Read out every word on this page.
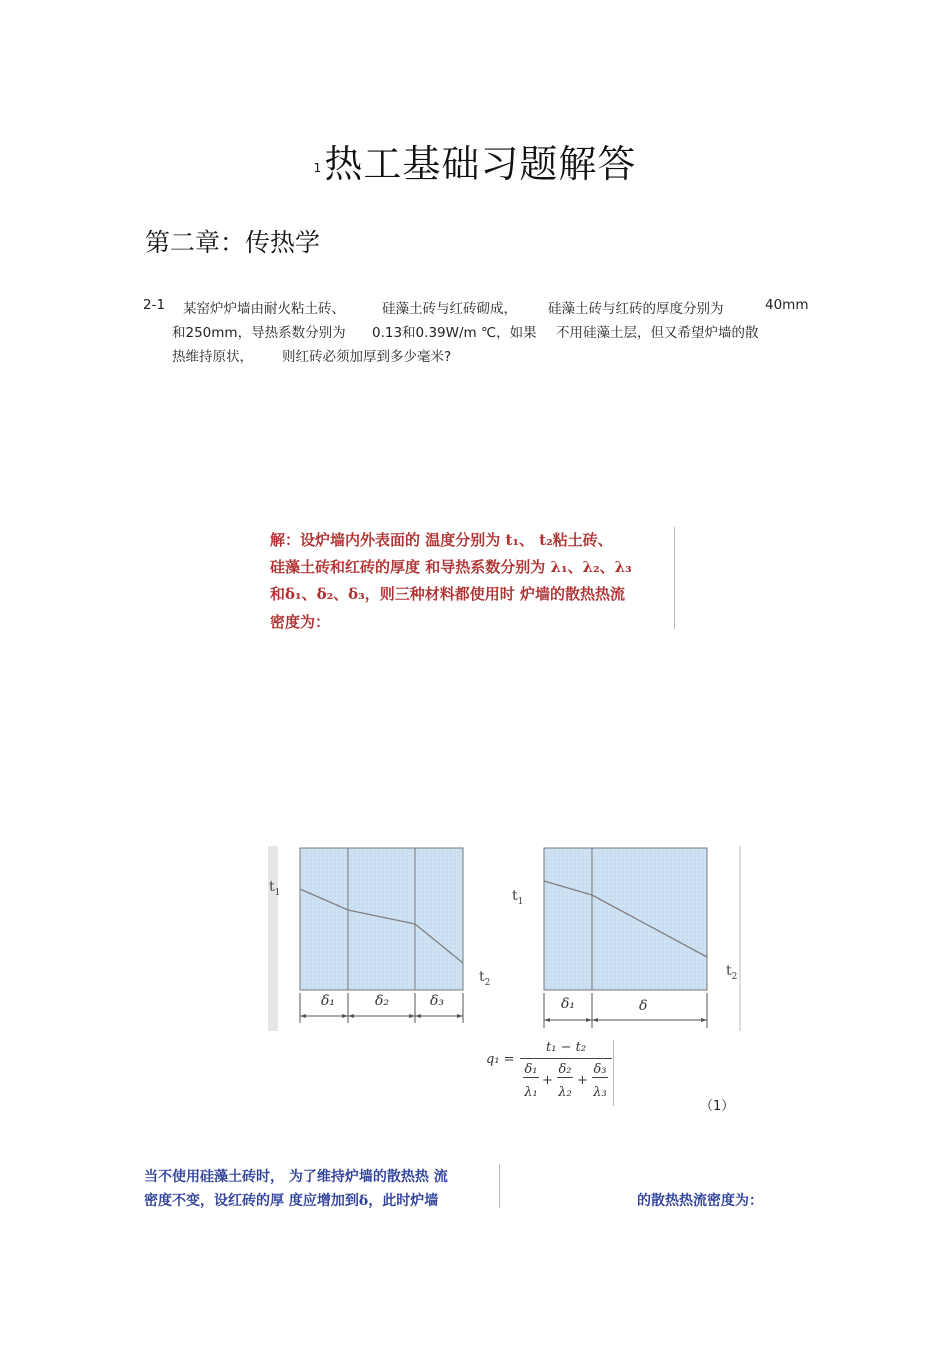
1热工基础习题解答
第二章：传热学
2-1 某窑炉炉墙由耐火粘土砖、	硅藻土砖与红砖砌成， 硅藻土砖与红砖的厚度分别为	40mm
和250mm，导热系数分别为 0.13和0.39W/m ℃，如果 不用硅藻土层，但又希望炉墙的散
热维持原状， 则红砖必须加厚到多少毫米?
解：设炉墙内外表面的 温度分别为 t₁、 t₂粘土砖、
硅藻土砖和红砖的厚度 和导热系数分别为 λ₁、λ₂、λ₃
和δ₁、δ₂、δ₃，则三种材料都使用时 炉墙的散热热流
密度为：
$t_1$
$t_2$
δ₁	δ₂	δ₃
$t_1$
$t_2$
δ₁	δ
q₁ =
t₁ − t₂
δ₁
λ₁
+
δ₂
λ₂
+
δ₃
λ₃
（1）
当不使用硅藻土砖时， 为了维持炉墙的散热热 流
密度不变，设红砖的厚 度应增加到δ，此时炉墙	的散热热流密度为：
